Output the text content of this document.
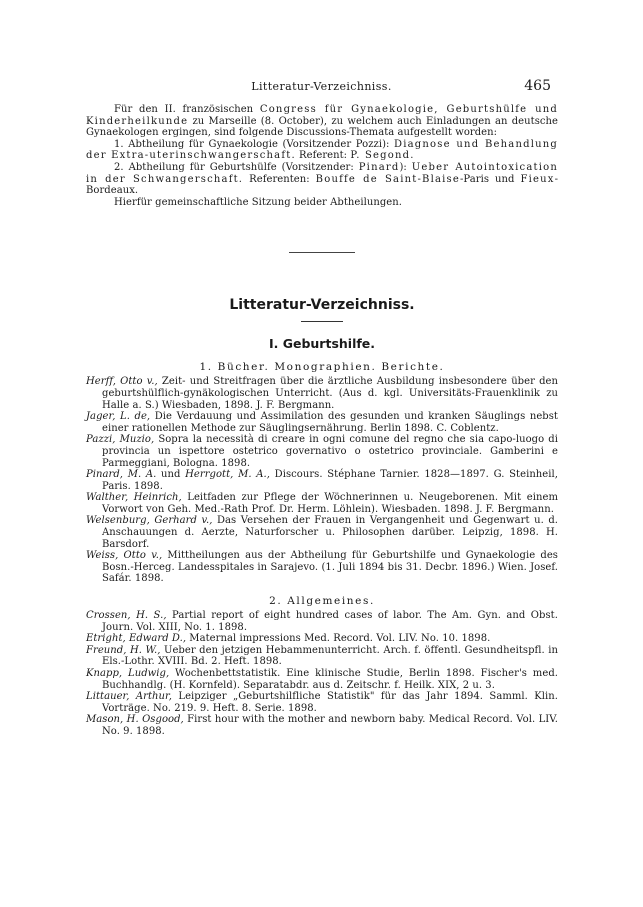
Litteratur-Verzeichniss.	465

Für den II. französischen Congress für Gynaekologie, Geburtshülfe und Kinderheilkunde zu Marseille (8. October), zu welchem auch Einladungen an deutsche Gynaekologen ergingen, sind folgende Discussions-Themata aufgestellt worden:

1. Abtheilung für Gynaekologie (Vorsitzender Pozzi): Diagnose und Behandlung der Extra-uterinschwangerschaft. Referent: P. Segond.

2. Abtheilung für Geburtshülfe (Vorsitzender: Pinard): Ueber Autointoxication in der Schwangerschaft. Referenten: Bouffe de Saint-Blaise-Paris und Fieux-Bordeaux.

Hierfür gemeinschaftliche Sitzung beider Abtheilungen.

Litteratur-Verzeichniss.
I. Geburtshilfe.
1. Bücher. Monographien. Berichte.

Herff, Otto v., Zeit- und Streitfragen über die ärztliche Ausbildung insbesondere über den geburtshülflich-gynäkologischen Unterricht. (Aus d. kgl. Universitäts-Frauenklinik zu Halle a. S.) Wiesbaden, 1898. J. F. Bergmann.

Jager, L. de, Die Verdauung und Assimilation des gesunden und kranken Säuglings nebst einer rationellen Methode zur Säuglingsernährung. Berlin 1898. C. Coblentz.

Pazzi, Muzio, Sopra la necessità di creare in ogni comune del regno che sia capo-luogo di provincia un ispettore ostetrico governativo o ostetrico provinciale. Gamberini e Parmeggiani, Bologna. 1898.

Pinard, M. A. und Herrgott, M. A., Discours. Stéphane Tarnier. 1828—1897. G. Steinheil, Paris. 1898.

Walther, Heinrich, Leitfaden zur Pflege der Wöchnerinnen u. Neugeborenen. Mit einem Vorwort von Geh. Med.-Rath Prof. Dr. Herm. Löhlein). Wiesbaden. 1898. J. F. Bergmann.

Welsenburg, Gerhard v., Das Versehen der Frauen in Vergangenheit und Gegenwart u. d. Anschauungen d. Aerzte, Naturforscher u. Philosophen darüber. Leipzig, 1898. H. Barsdorf.

Weiss, Otto v., Mittheilungen aus der Abtheilung für Geburtshilfe und Gynaekologie des Bosn.-Herceg. Landesspitales in Sarajevo. (1. Juli 1894 bis 31. Decbr. 1896.) Wien. Josef. Safár. 1898.

2. Allgemeines.

Crossen, H. S., Partial report of eight hundred cases of labor. The Am. Gyn. and Obst. Journ. Vol. XIII, No. 1. 1898.

Etright, Edward D., Maternal impressions Med. Record. Vol. LIV. No. 10. 1898.

Freund, H. W., Ueber den jetzigen Hebammenunterricht. Arch. f. öffentl. Gesundheitspfl. in Els.-Lothr. XVIII. Bd. 2. Heft. 1898.

Knapp, Ludwig, Wochenbettstatistik. Eine klinische Studie, Berlin 1898. Fischer's med. Buchhandlg. (H. Kornfeld). Separatabdr. aus d. Zeitschr. f. Heilk. XIX, 2 u. 3.

Littauer, Arthur, Leipziger „Geburtshilfliche Statistik" für das Jahr 1894. Samml. Klin. Vorträge. No. 219. 9. Heft. 8. Serie. 1898.

Mason, H. Osgood, First hour with the mother and newborn baby. Medical Record. Vol. LIV. No. 9. 1898.
